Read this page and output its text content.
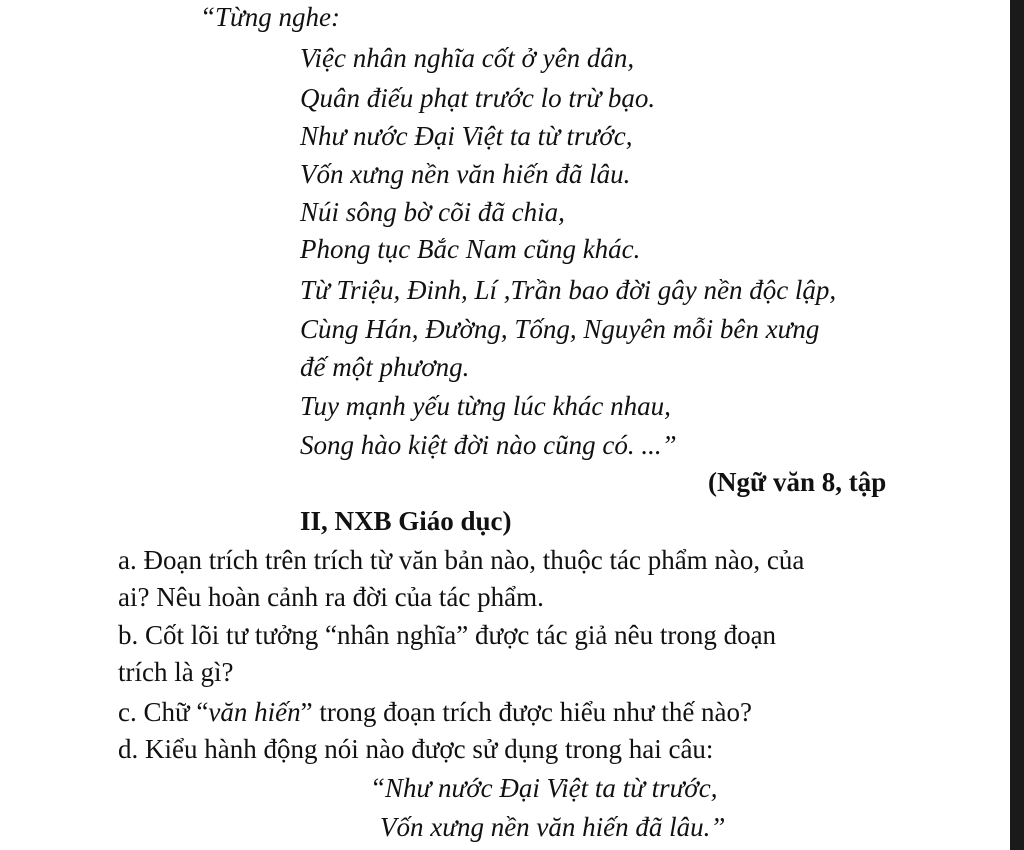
“Từng nghe:
Việc nhân nghĩa cốt ở yên dân,
Quân điếu phạt trước lo trừ bạo.
Như nước Đại Việt ta từ trước,
Vốn xưng nền văn hiến đã lâu.
Núi sông bờ cõi đã chia,
Phong tục Bắc Nam cũng khác.
Từ Triệu, Đinh, Lí ,Trần bao đời gây nền độc lập,
Cùng Hán, Đường, Tống, Nguyên mỗi bên xưng
đế một phương.
Tuy mạnh yếu từng lúc khác nhau,
Song hào kiệt đời nào cũng có. ...”
(Ngữ văn 8, tập
II, NXB Giáo dục)
a. Đoạn trích trên trích từ văn bản nào, thuộc tác phẩm nào, của
ai? Nêu hoàn cảnh ra đời của tác phẩm.
b. Cốt lõi tư tưởng “nhân nghĩa” được tác giả nêu trong đoạn
trích là gì?
c. Chữ “văn hiến” trong đoạn trích được hiểu như thế nào?
d. Kiểu hành động nói nào được sử dụng trong hai câu:
“Như nước Đại Việt ta từ trước,
Vốn xưng nền văn hiến đã lâu.”
